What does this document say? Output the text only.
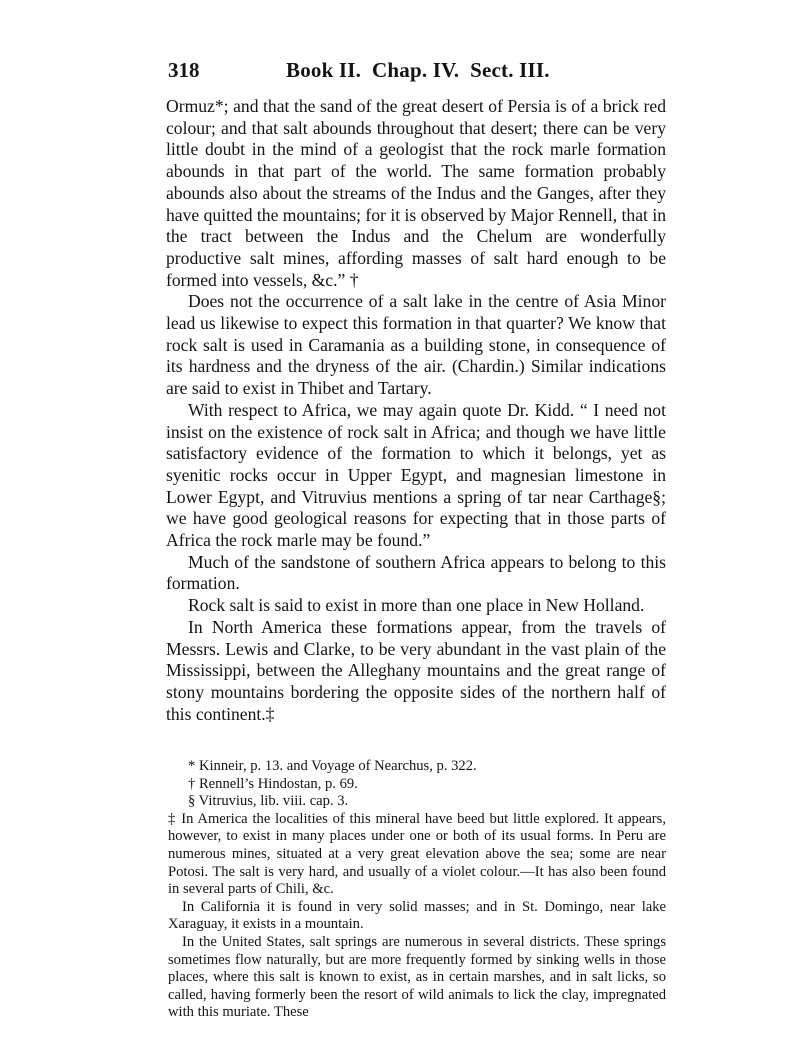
318	Book II.  Chap. IV.  Sect. III.

Ormuz*; and that the sand of the great desert of Persia is of a brick red colour; and that salt abounds throughout that desert; there can be very little doubt in the mind of a geologist that the rock marle formation abounds in that part of the world. The same formation probably abounds also about the streams of the Indus and the Ganges, after they have quitted the mountains; for it is observed by Major Rennell, that in the tract between the Indus and the Chelum are wonderfully productive salt mines, affording masses of salt hard enough to be formed into vessels, &c.” †

Does not the occurrence of a salt lake in the centre of Asia Minor lead us likewise to expect this formation in that quarter? We know that rock salt is used in Caramania as a building stone, in consequence of its hardness and the dryness of the air. (Chardin.) Similar indications are said to exist in Thibet and Tartary.

With respect to Africa, we may again quote Dr. Kidd. “ I need not insist on the existence of rock salt in Africa; and though we have little satisfactory evidence of the formation to which it belongs, yet as syenitic rocks occur in Upper Egypt, and magnesian limestone in Lower Egypt, and Vitruvius mentions a spring of tar near Carthage§; we have good geological reasons for expecting that in those parts of Africa the rock marle may be found.”

Much of the sandstone of southern Africa appears to belong to this formation.

Rock salt is said to exist in more than one place in New Holland.

In North America these formations appear, from the travels of Messrs. Lewis and Clarke, to be very abundant in the vast plain of the Mississippi, between the Alleghany mountains and the great range of stony mountains bordering the opposite sides of the northern half of this continent.‡

* Kinneir, p. 13. and Voyage of Nearchus, p. 322.

† Rennell’s Hindostan, p. 69.

§ Vitruvius, lib. viii. cap. 3.

‡ In America the localities of this mineral have beed but little explored. It appears, however, to exist in many places under one or both of its usual forms. In Peru are numerous mines, situated at a very great elevation above the sea; some are near Potosi. The salt is very hard, and usually of a violet colour.—It has also been found in several parts of Chili, &c.

In California it is found in very solid masses; and in St. Domingo, near lake Xaraguay, it exists in a mountain.

In the United States, salt springs are numerous in several districts. These springs sometimes flow naturally, but are more frequently formed by sinking wells in those places, where this salt is known to exist, as in certain marshes, and in salt licks, so called, having formerly been the resort of wild animals to lick the clay, impregnated with this muriate. These
